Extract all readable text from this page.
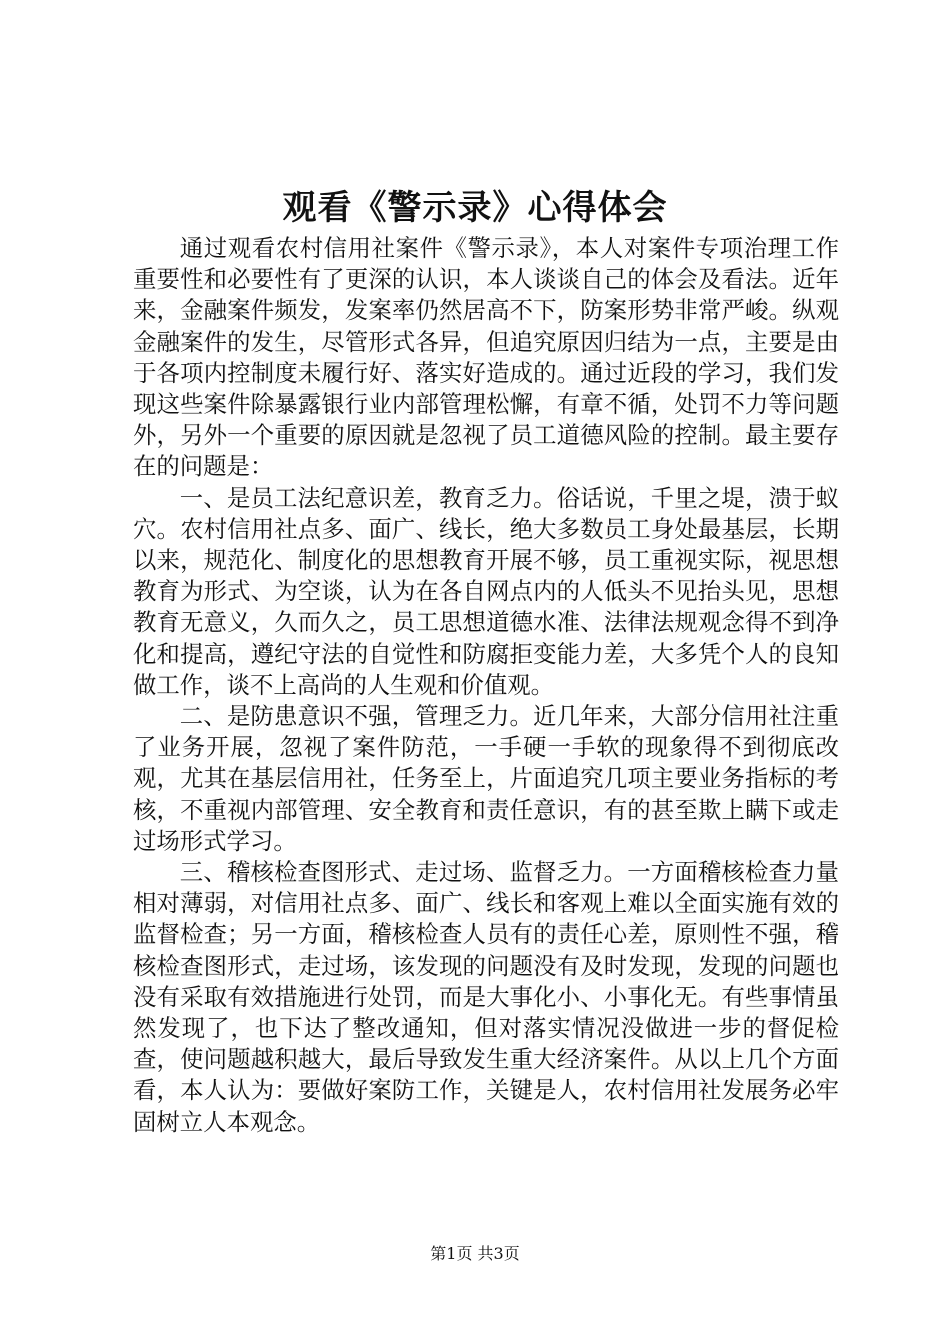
观看《警示录》心得体会

通过观看农村信用社案件《警示录》，本人对案件专项治理工作重要性和必要性有了更深的认识，本人谈谈自己的体会及看法。近年来，金融案件频发，发案率仍然居高不下，防案形势非常严峻。纵观金融案件的发生，尽管形式各异，但追究原因归结为一点，主要是由于各项内控制度未履行好、落实好造成的。通过近段的学习，我们发现这些案件除暴露银行业内部管理松懈，有章不循，处罚不力等问题外，另外一个重要的原因就是忽视了员工道德风险的控制。最主要存在的问题是：

一、是员工法纪意识差，教育乏力。俗话说，千里之堤，溃于蚁穴。农村信用社点多、面广、线长，绝大多数员工身处最基层，长期以来，规范化、制度化的思想教育开展不够，员工重视实际，视思想教育为形式、为空谈，认为在各自网点内的人低头不见抬头见，思想教育无意义，久而久之，员工思想道德水准、法律法规观念得不到净化和提高，遵纪守法的自觉性和防腐拒变能力差，大多凭个人的良知做工作，谈不上高尚的人生观和价值观。

二、是防患意识不强，管理乏力。近几年来，大部分信用社注重了业务开展，忽视了案件防范，一手硬一手软的现象得不到彻底改观，尤其在基层信用社，任务至上，片面追究几项主要业务指标的考核，不重视内部管理、安全教育和责任意识，有的甚至欺上瞒下或走过场形式学习。

三、稽核检查图形式、走过场、监督乏力。一方面稽核检查力量相对薄弱，对信用社点多、面广、线长和客观上难以全面实施有效的监督检查；另一方面，稽核检查人员有的责任心差，原则性不强，稽核检查图形式，走过场，该发现的问题没有及时发现，发现的问题也没有采取有效措施进行处罚，而是大事化小、小事化无。有些事情虽然发现了，也下达了整改通知，但对落实情况没做进一步的督促检查，使问题越积越大，最后导致发生重大经济案件。从以上几个方面看，本人认为：要做好案防工作，关键是人，农村信用社发展务必牢固树立人本观念。

第1页 共3页
